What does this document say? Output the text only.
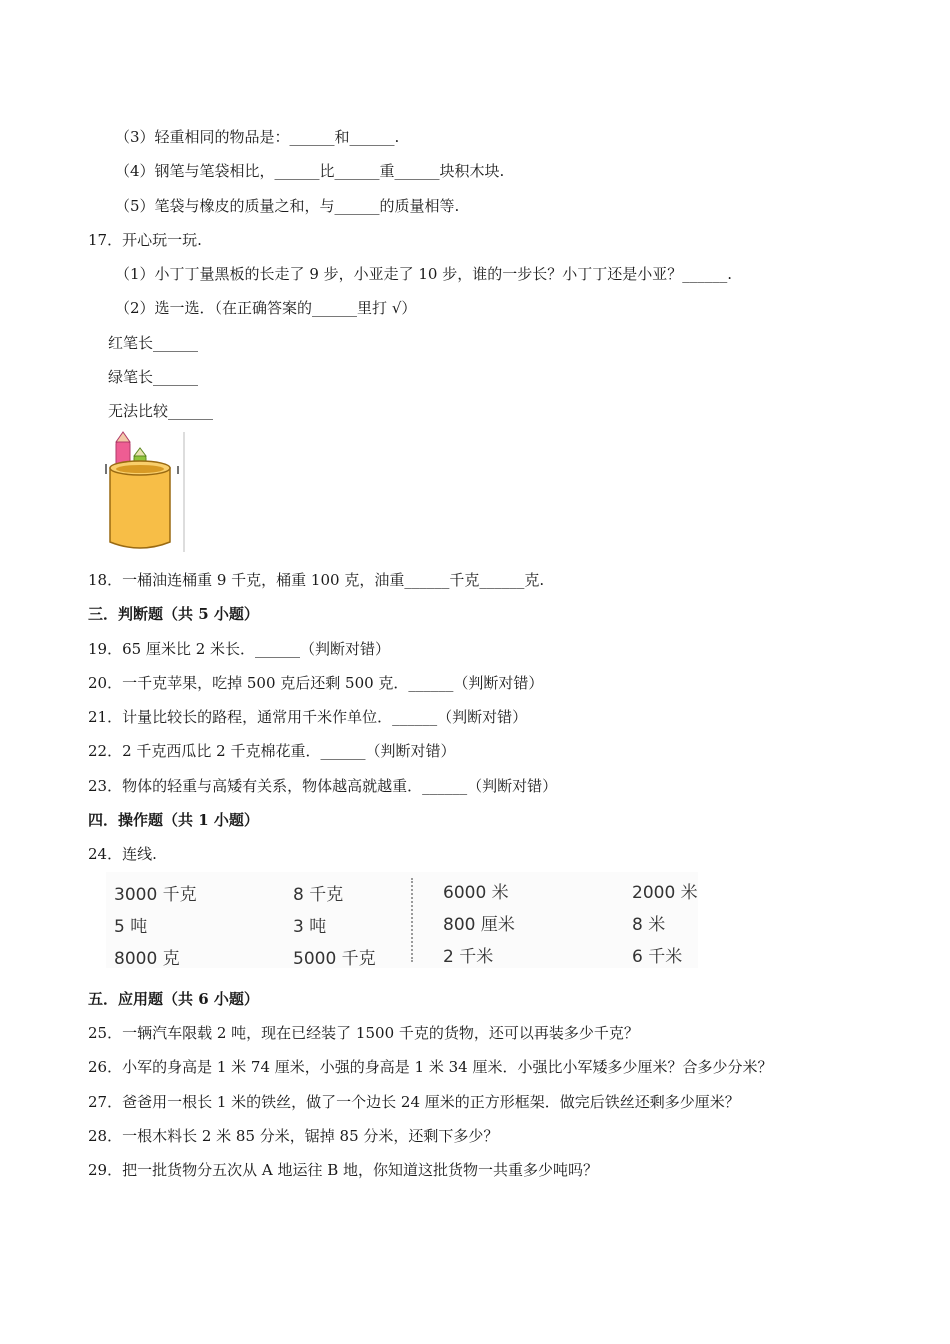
（3）轻重相同的物品是：______和______.
（4）钢笔与笔袋相比，______比______重______块积木块.
（5）笔袋与橡皮的质量之和，与______的质量相等.
17．开心玩一玩.
（1）小丁丁量黑板的长走了 9 步，小亚走了 10 步，谁的一步长？小丁丁还是小亚？______.
（2）选一选．（在正确答案的______里打 √）
红笔长______
绿笔长______
无法比较______
18．一桶油连桶重 9 千克，桶重 100 克，油重______千克______克.
三．判断题（共 5 小题）
19．65 厘米比 2 米长．______（判断对错）
20．一千克苹果，吃掉 500 克后还剩 500 克．______（判断对错）
21．计量比较长的路程，通常用千米作单位．______（判断对错）
22．2 千克西瓜比 2 千克棉花重．______（判断对错）
23．物体的轻重与高矮有关系，物体越高就越重．______（判断对错）
四．操作题（共 1 小题）
24．连线.
3000 千克
5 吨
8000 克
8 千克
3 吨
5000 千克
6000 米
800 厘米
2 千米
2000 米
8 米
6 千米
五．应用题（共 6 小题）
25．一辆汽车限载 2 吨，现在已经装了 1500 千克的货物，还可以再装多少千克？
26．小军的身高是 1 米 74 厘米，小强的身高是 1 米 34 厘米．小强比小军矮多少厘米？合多少分米？
27．爸爸用一根长 1 米的铁丝，做了一个边长 24 厘米的正方形框架．做完后铁丝还剩多少厘米？
28．一根木料长 2 米 85 分米，锯掉 85 分米，还剩下多少？
29．把一批货物分五次从 A 地运往 B 地，你知道这批货物一共重多少吨吗？
